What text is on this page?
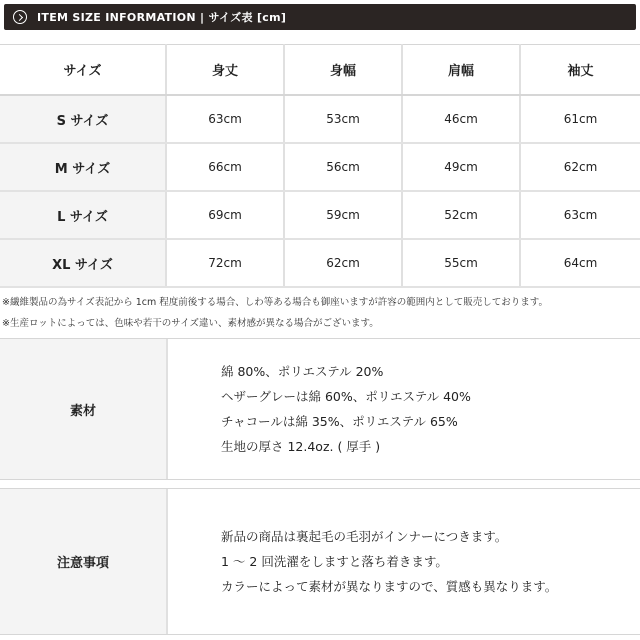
ITEM SIZE INFORMATION | サイズ表 [cm]
サイズ	身丈	身幅	肩幅	袖丈
S サイズ	63cm	53cm	46cm	61cm
M サイズ	66cm	56cm	49cm	62cm
L サイズ	69cm	59cm	52cm	63cm
XL サイズ	72cm	62cm	55cm	64cm
※繊維製品の為サイズ表記から 1cm 程度前後する場合、しわ等ある場合も御座いますが許容の範囲内として販売しております。
※生産ロットによっては、色味や若干のサイズ違い、素材感が異なる場合がございます。
素材
綿 80%、ポリエステル 20%
ヘザーグレーは綿 60%、ポリエステル 40%
チャコールは綿 35%、ポリエステル 65%
生地の厚さ 12.4oz. ( 厚手 )
注意事項
新品の商品は裏起毛の毛羽がインナーにつきます。
1 ～ 2 回洗濯をしますと落ち着きます。
カラーによって素材が異なりますので、質感も異なります。
